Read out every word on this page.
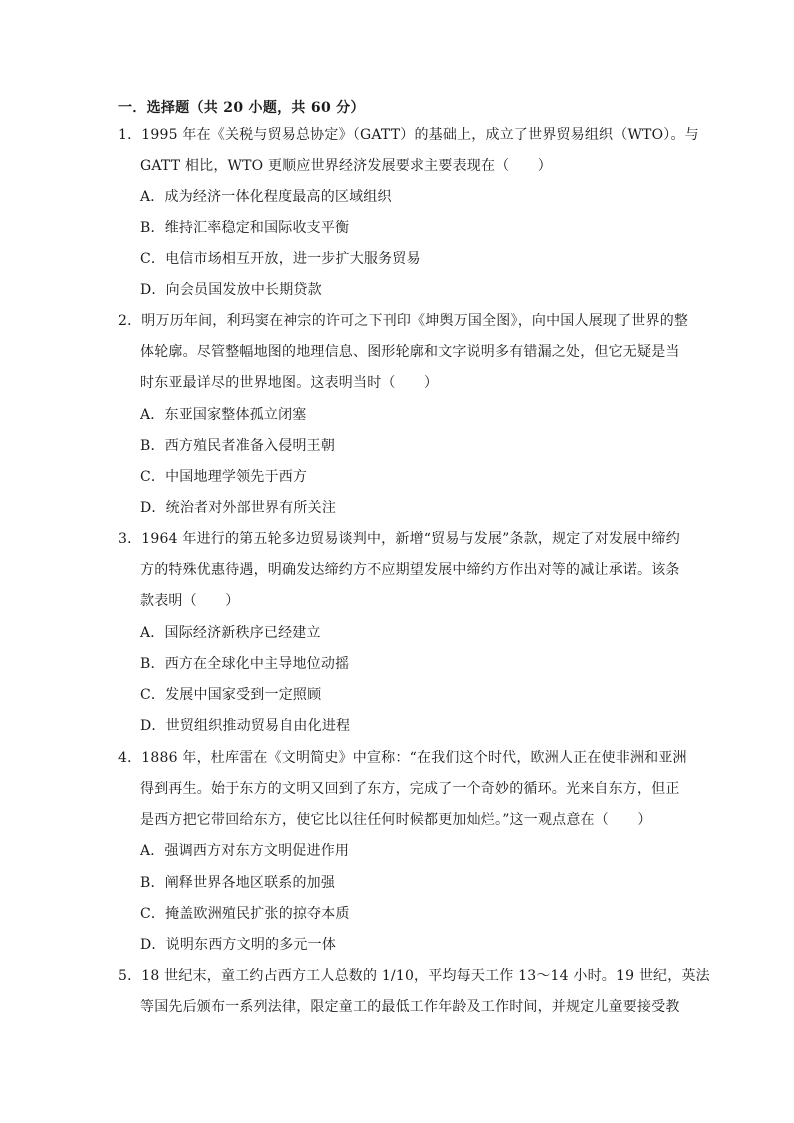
一．选择题（共 20 小题，共 60 分）
1．1995 年在《关税与贸易总协定》（GATT）的基础上，成立了世界贸易组织（WTO）。与
GATT 相比，WTO 更顺应世界经济发展要求主要表现在（　　）
A．成为经济一体化程度最高的区域组织
B．维持汇率稳定和国际收支平衡
C．电信市场相互开放，进一步扩大服务贸易
D．向会员国发放中长期贷款
2．明万历年间，利玛窦在神宗的许可之下刊印《坤舆万国全图》，向中国人展现了世界的整
体轮廓。尽管整幅地图的地理信息、图形轮廓和文字说明多有错漏之处，但它无疑是当
时东亚最详尽的世界地图。这表明当时（　　）
A．东亚国家整体孤立闭塞
B．西方殖民者准备入侵明王朝
C．中国地理学领先于西方
D．统治者对外部世界有所关注
3．1964 年进行的第五轮多边贸易谈判中，新增“贸易与发展”条款，规定了对发展中缔约
方的特殊优惠待遇，明确发达缔约方不应期望发展中缔约方作出对等的减让承诺。该条
款表明（　　）
A．国际经济新秩序已经建立
B．西方在全球化中主导地位动摇
C．发展中国家受到一定照顾
D．世贸组织推动贸易自由化进程
4．1886 年，杜库雷在《文明简史》中宣称：“在我们这个时代，欧洲人正在使非洲和亚洲
得到再生。始于东方的文明又回到了东方，完成了一个奇妙的循环。光来自东方，但正
是西方把它带回给东方，使它比以往任何时候都更加灿烂。”这一观点意在（　　）
A．强调西方对东方文明促进作用
B．阐释世界各地区联系的加强
C．掩盖欧洲殖民扩张的掠夺本质
D．说明东西方文明的多元一体
5．18 世纪末，童工约占西方工人总数的 1/10，平均每天工作 13～14 小时。19 世纪，英法
等国先后颁布一系列法律，限定童工的最低工作年龄及工作时间，并规定儿童要接受教
